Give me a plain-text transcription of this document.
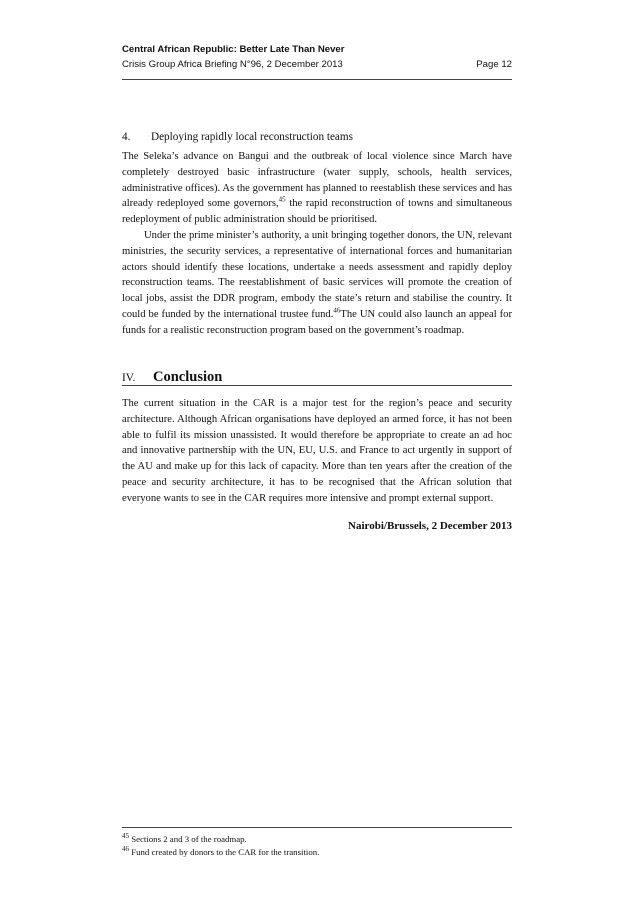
Central African Republic: Better Late Than Never
Crisis Group Africa Briefing N°96, 2 December 2013	Page 12
4. Deploying rapidly local reconstruction teams

The Seleka’s advance on Bangui and the outbreak of local violence since March have completely destroyed basic infrastructure (water supply, schools, health services, administrative offices). As the government has planned to reestablish these services and has already redeployed some governors,$^{45}$ the rapid reconstruction of towns and simultaneous redeployment of public administration should be prioritised.

Under the prime minister’s authority, a unit bringing together donors, the UN, relevant ministries, the security services, a representative of international forces and humanitarian actors should identify these locations, undertake a needs assessment and rapidly deploy reconstruction teams. The reestablishment of basic services will promote the creation of local jobs, assist the DDR program, embody the state’s return and stabilise the country. It could be funded by the international trustee fund.$^{46}$The UN could also launch an appeal for funds for a realistic reconstruction program based on the government’s roadmap.

IV. Conclusion

The current situation in the CAR is a major test for the region’s peace and security architecture. Although African organisations have deployed an armed force, it has not been able to fulfil its mission unassisted. It would therefore be appropriate to create an ad hoc and innovative partnership with the UN, EU, U.S. and France to act urgently in support of the AU and make up for this lack of capacity. More than ten years after the creation of the peace and security architecture, it has to be recognised that the African solution that everyone wants to see in the CAR requires more intensive and prompt external support.

Nairobi/Brussels, 2 December 2013
$^{45}$ Sections 2 and 3 of the roadmap.
$^{46}$ Fund created by donors to the CAR for the transition.
